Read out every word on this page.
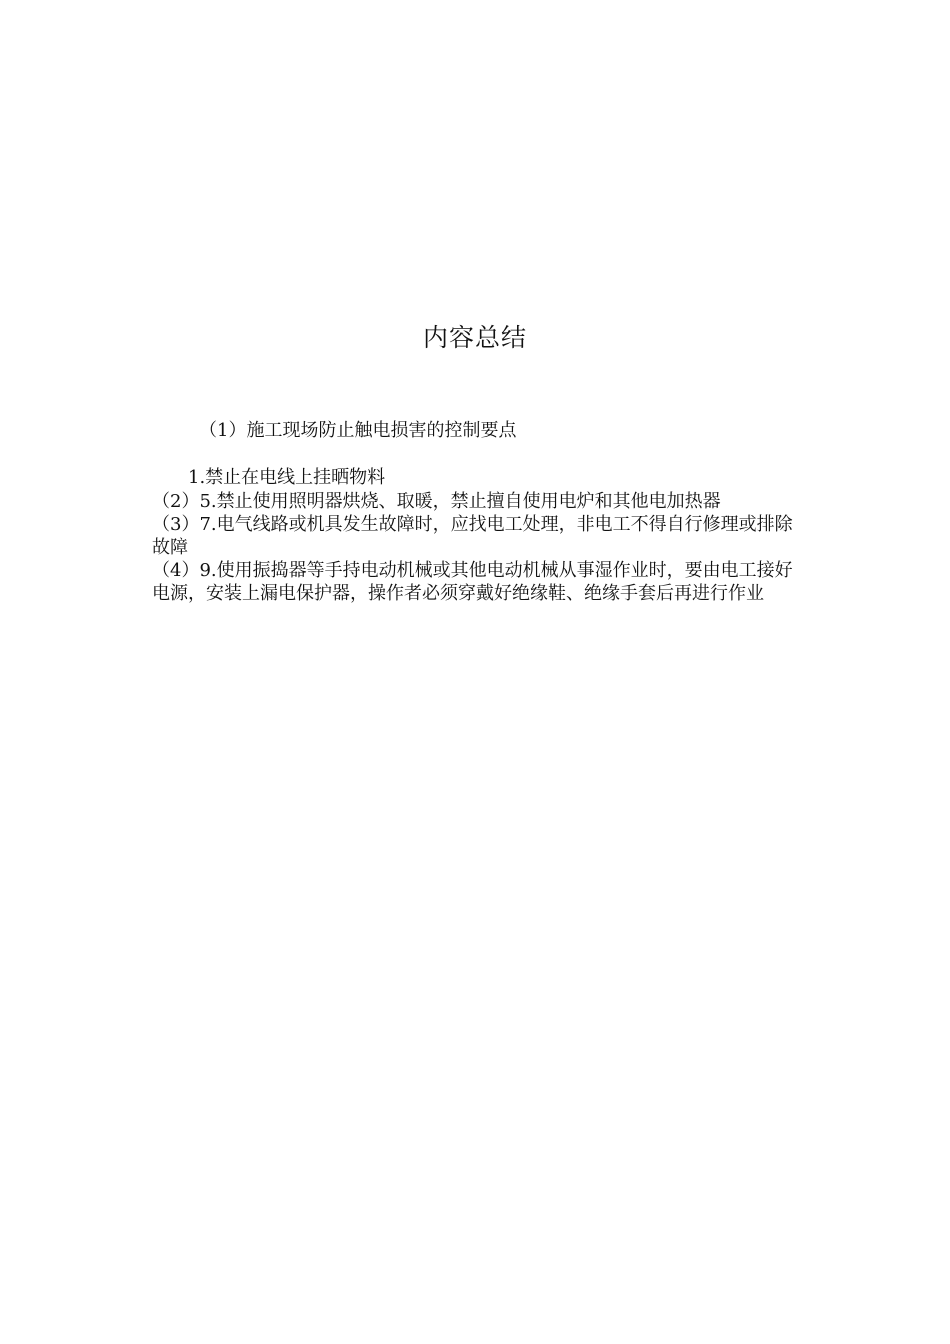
内容总结
（1）施工现场防止触电损害的控制要点
1.禁止在电线上挂晒物料

（2）5.禁止使用照明器烘烧、取暖，禁止擅自使用电炉和其他电加热器

（3）7.电气线路或机具发生故障时，应找电工处理，非电工不得自行修理或排除故障

（4）9.使用振捣器等手持电动机械或其他电动机械从事湿作业时，要由电工接好电源，安装上漏电保护器，操作者必须穿戴好绝缘鞋、绝缘手套后再进行作业
